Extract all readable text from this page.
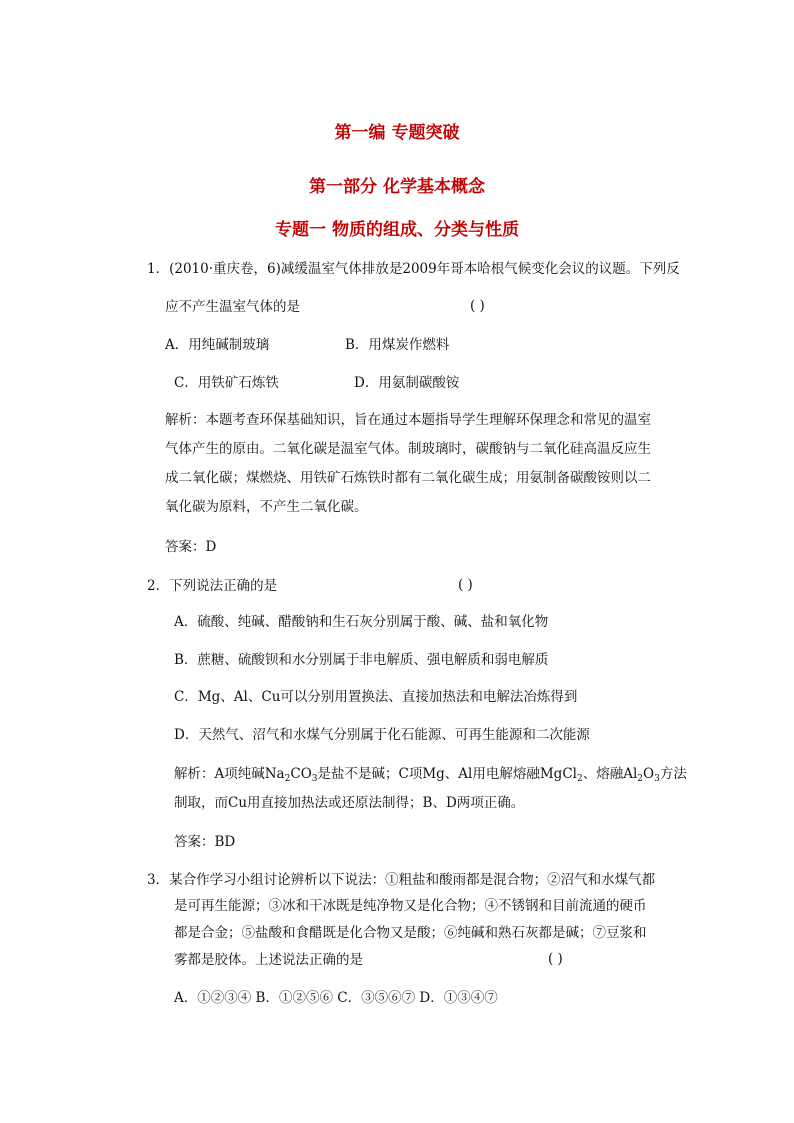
第一编 专题突破
第一部分 化学基本概念
专题一 物质的组成、分类与性质
1．(2010·重庆卷，6)减缓温室气体排放是2009年哥本哈根气候变化会议的议题。下列反
应不产生温室气体的是	( )
A．用纯碱制玻璃	B．用煤炭作燃料
C．用铁矿石炼铁	D．用氨制碳酸铵
解析：本题考查环保基础知识，旨在通过本题指导学生理解环保理念和常见的温室
气体产生的原由。二氧化碳是温室气体。制玻璃时，碳酸钠与二氧化硅高温反应生
成二氧化碳；煤燃烧、用铁矿石炼铁时都有二氧化碳生成；用氨制备碳酸铵则以二
氧化碳为原料，不产生二氧化碳。
答案：D
2．下列说法正确的是	( )
A．硫酸、纯碱、醋酸钠和生石灰分别属于酸、碱、盐和氧化物
B．蔗糖、硫酸钡和水分别属于非电解质、强电解质和弱电解质
C．Mg、Al、Cu可以分别用置换法、直接加热法和电解法冶炼得到
D．天然气、沼气和水煤气分别属于化石能源、可再生能源和二次能源
解析：A项纯碱$Na_2CO_3$是盐不是碱；C项Mg、Al用电解熔融MgCl$_2$、熔融$Al_2O_3$方法
制取，而Cu用直接加热法或还原法制得；B、D两项正确。
答案：BD
3．某合作学习小组讨论辨析以下说法：①粗盐和酸雨都是混合物；②沼气和水煤气都
是可再生能源；③冰和干冰既是纯净物又是化合物；④不锈钢和目前流通的硬币
都是合金；⑤盐酸和食醋既是化合物又是酸；⑥纯碱和熟石灰都是碱；⑦豆浆和
雾都是胶体。上述说法正确的是	( )
A．①②③④ B．①②⑤⑥ C．③⑤⑥⑦ D．①③④⑦
